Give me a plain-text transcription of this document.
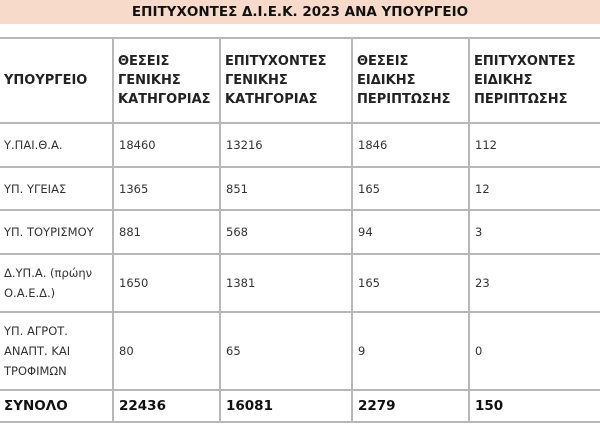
ΕΠΙΤΥΧΟΝΤΕΣ Δ.Ι.Ε.Κ. 2023 ΑΝΑ ΥΠΟΥΡΓΕΙΟ
ΥΠΟΥΡΓΕΙΟ	ΘΕΣΕΙΣ ΓΕΝΙΚΗΣ ΚΑΤΗΓΟΡΙΑΣ	ΕΠΙΤΥΧΟΝΤΕΣ ΓΕΝΙΚΗΣ ΚΑΤΗΓΟΡΙΑΣ	ΘΕΣΕΙΣ ΕΙΔΙΚΗΣ ΠΕΡΙΠΤΩΣΗΣ	ΕΠΙΤΥΧΟΝΤΕΣ ΕΙΔΙΚΗΣ ΠΕΡΙΠΤΩΣΗΣ
Υ.ΠΑΙ.Θ.Α.	18460	13216	1846	112
ΥΠ. ΥΓΕΙΑΣ	1365	851	165	12
ΥΠ. ΤΟΥΡΙΣΜΟΥ	881	568	94	3
Δ.ΥΠ.Α. (πρώην Ο.Α.Ε.Δ.)	1650	1381	165	23
ΥΠ. ΑΓΡΟΤ. ΑΝΑΠΤ. ΚΑΙ ΤΡΟΦΙΜΩΝ	80	65	9	0
ΣΥΝΟΛΟ	22436	16081	2279	150
